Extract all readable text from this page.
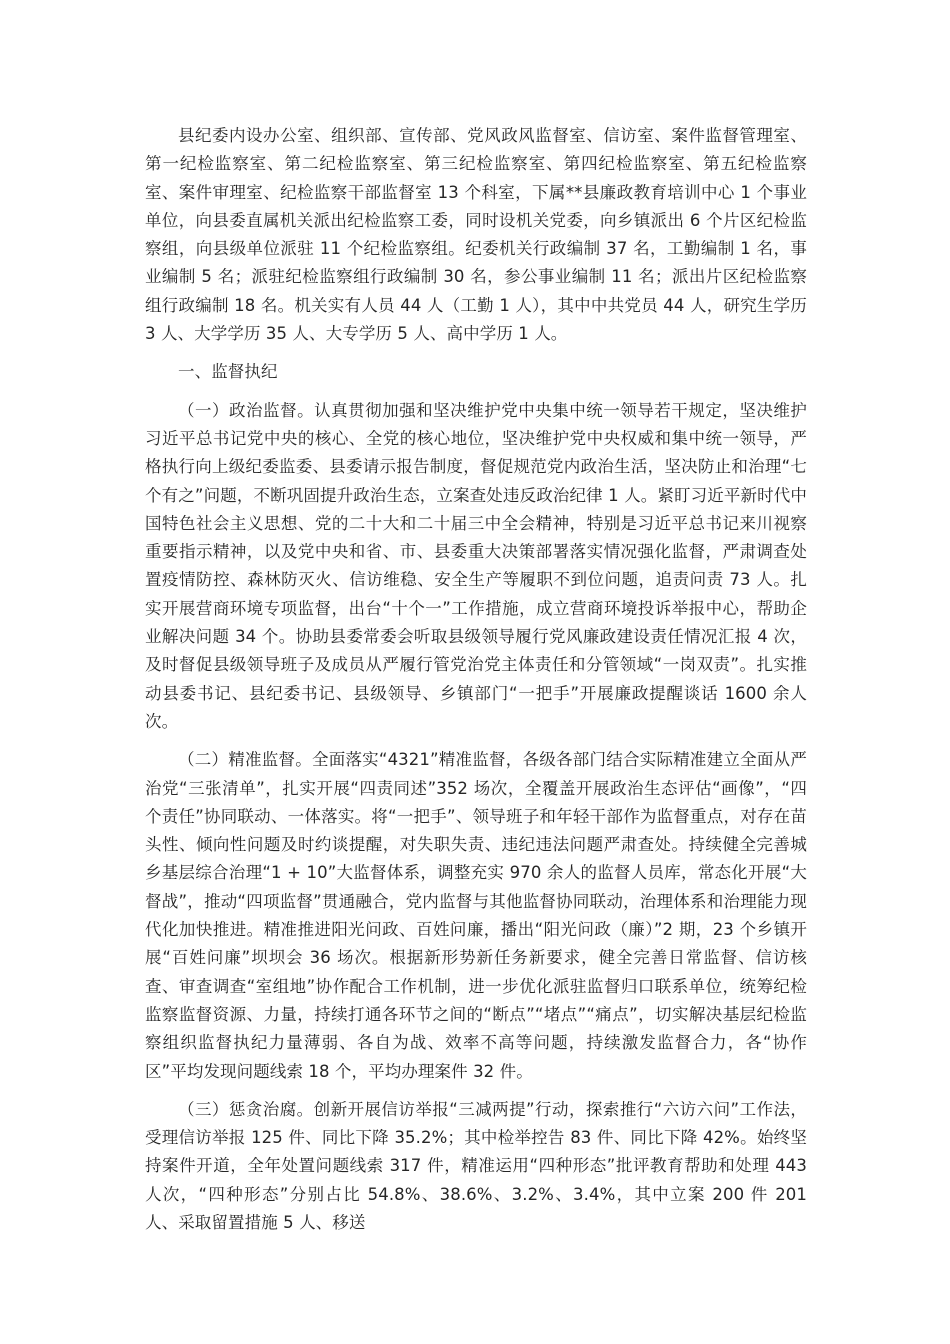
县纪委内设办公室、组织部、宣传部、党风政风监督室、信访室、案件监督管理室、第一纪检监察室、第二纪检监察室、第三纪检监察室、第四纪检监察室、第五纪检监察室、案件审理室、纪检监察干部监督室 13 个科室，下属**县廉政教育培训中心 1 个事业单位，向县委直属机关派出纪检监察工委，同时设机关党委，向乡镇派出 6 个片区纪检监察组，向县级单位派驻 11 个纪检监察组。纪委机关行政编制 37 名，工勤编制 1 名，事业编制 5 名；派驻纪检监察组行政编制 30 名，参公事业编制 11 名；派出片区纪检监察组行政编制 18 名。机关实有人员 44 人（工勤 1 人），其中中共党员 44 人，研究生学历 3 人、大学学历 35 人、大专学历 5 人、高中学历 1 人。

一、监督执纪

（一）政治监督。认真贯彻加强和坚决维护党中央集中统一领导若干规定，坚决维护习近平总书记党中央的核心、全党的核心地位，坚决维护党中央权威和集中统一领导，严格执行向上级纪委监委、县委请示报告制度，督促规范党内政治生活，坚决防止和治理“七个有之”问题，不断巩固提升政治生态，立案查处违反政治纪律 1 人。紧盯习近平新时代中国特色社会主义思想、党的二十大和二十届三中全会精神，特别是习近平总书记来川视察重要指示精神，以及党中央和省、市、县委重大决策部署落实情况强化监督，严肃调查处置疫情防控、森林防灭火、信访维稳、安全生产等履职不到位问题，追责问责 73 人。扎实开展营商环境专项监督，出台“十个一”工作措施，成立营商环境投诉举报中心，帮助企业解决问题 34 个。协助县委常委会听取县级领导履行党风廉政建设责任情况汇报 4 次，及时督促县级领导班子及成员从严履行管党治党主体责任和分管领域“一岗双责”。扎实推动县委书记、县纪委书记、县级领导、乡镇部门“一把手”开展廉政提醒谈话 1600 余人次。

（二）精准监督。全面落实“4321”精准监督，各级各部门结合实际精准建立全面从严治党“三张清单”，扎实开展“四责同述”352 场次，全覆盖开展政治生态评估“画像”，“四个责任”协同联动、一体落实。将“一把手”、领导班子和年轻干部作为监督重点，对存在苗头性、倾向性问题及时约谈提醒，对失职失责、违纪违法问题严肃查处。持续健全完善城乡基层综合治理“1 + 10”大监督体系，调整充实 970 余人的监督人员库，常态化开展“大督战”，推动“四项监督”贯通融合，党内监督与其他监督协同联动，治理体系和治理能力现代化加快推进。精准推进阳光问政、百姓问廉，播出“阳光问政（廉）”2 期，23 个乡镇开展“百姓问廉”坝坝会 36 场次。根据新形势新任务新要求，健全完善日常监督、信访核查、审查调查“室组地”协作配合工作机制，进一步优化派驻监督归口联系单位，统筹纪检监察监督资源、力量，持续打通各环节之间的“断点”“堵点”“痛点”，切实解决基层纪检监察组织监督执纪力量薄弱、各自为战、效率不高等问题，持续激发监督合力，各“协作区”平均发现问题线索 18 个，平均办理案件 32 件。

（三）惩贪治腐。创新开展信访举报“三减两提”行动，探索推行“六访六问”工作法，受理信访举报 125 件、同比下降 35.2%；其中检举控告 83 件、同比下降 42%。始终坚持案件开道，全年处置问题线索 317 件，精准运用“四种形态”批评教育帮助和处理 443 人次，“四种形态”分别占比 54.8%、38.6%、3.2%、3.4%，其中立案 200 件 201 人、采取留置措施 5 人、移送
